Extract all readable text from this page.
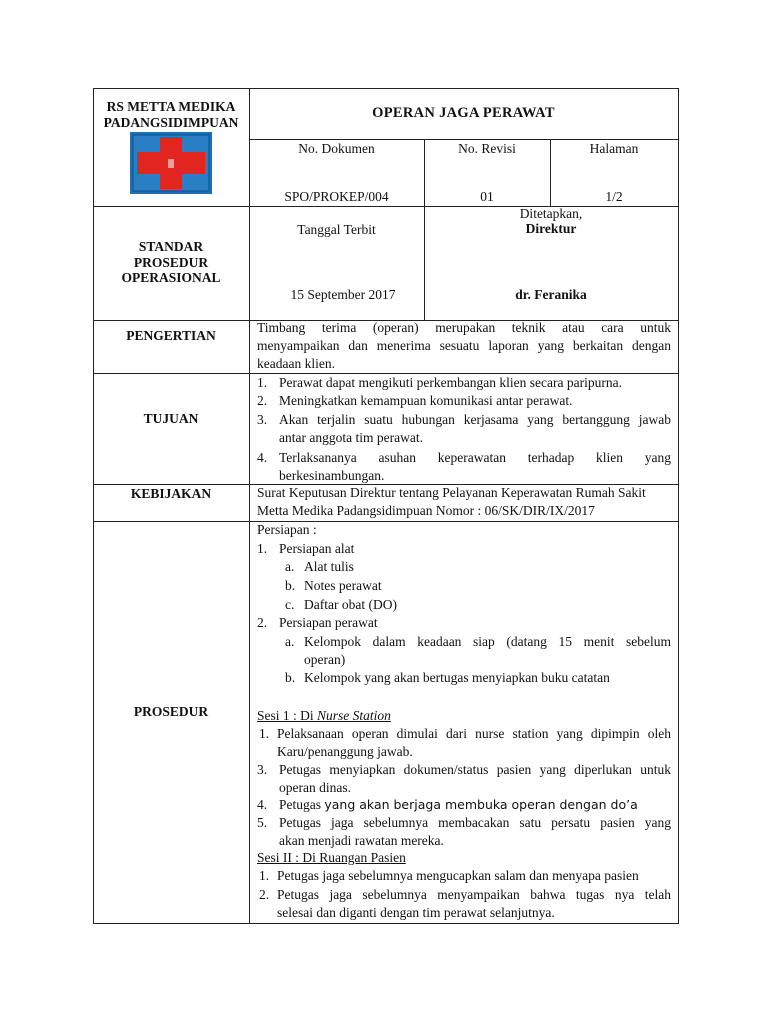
RS METTA MEDIKA
PADANGSIDIMPUAN
OPERAN JAGA PERAWAT
No. Dokumen
SPO/PROKEP/004
No. Revisi
01
Halaman
1/2
STANDAR
PROSEDUR
OPERASIONAL
Tanggal Terbit
15 September 2017
Ditetapkan,
Direktur
dr. Feranika
PENGERTIAN
Timbang terima (operan) merupakan teknik atau cara untuk
menyampaikan dan menerima sesuatu laporan yang berkaitan dengan
keadaan klien.
TUJUAN
1. Perawat dapat mengikuti perkembangan klien secara paripurna.
2. Meningkatkan kemampuan komunikasi antar perawat.
3. Akan terjalin suatu hubungan kerjasama yang bertanggung jawab
antar anggota tim perawat.
4. Terlaksananya asuhan keperawatan terhadap klien yang
berkesinambungan.
KEBIJAKAN	Surat Keputusan Direktur tentang Pelayanan Keperawatan Rumah Sakit
Metta Medika Padangsidimpuan Nomor : 06/SK/DIR/IX/2017
PROSEDUR
Persiapan :
1. Persiapan alat
a. Alat tulis
b. Notes perawat
c. Daftar obat (DO)
2. Persiapan perawat
a. Kelompok dalam keadaan siap (datang 15 menit sebelum
operan)
b. Kelompok yang akan bertugas menyiapkan buku catatan
Sesi 1 : Di Nurse Station
1. Pelaksanaan operan dimulai dari nurse station yang dipimpin oleh
Karu/penanggung jawab.
3. Petugas menyiapkan dokumen/status pasien yang diperlukan untuk
operan dinas.
4. Petugas yang akan berjaga membuka operan dengan do’a
5. Petugas jaga sebelumnya membacakan satu persatu pasien yang
akan menjadi rawatan mereka.
Sesi II : Di Ruangan Pasien
1. Petugas jaga sebelumnya mengucapkan salam dan menyapa pasien
2. Petugas jaga sebelumnya menyampaikan bahwa tugas nya telah
selesai dan diganti dengan tim perawat selanjutnya.
